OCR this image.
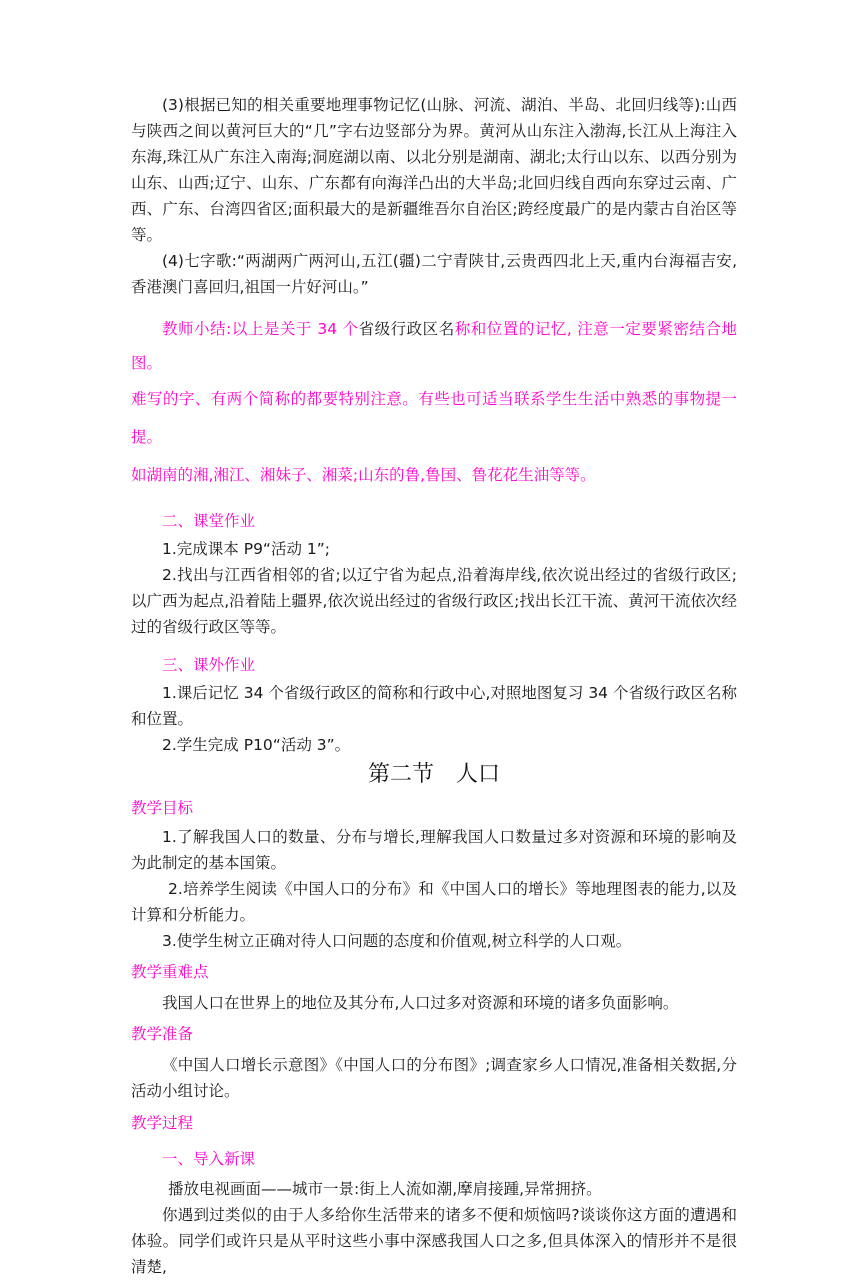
(3)根据已知的相关重要地理事物记忆(山脉、河流、湖泊、半岛、北回归线等):山西与陕西之间以黄河巨大的“几”字右边竖部分为界。黄河从山东注入渤海,长江从上海注入东海,珠江从广东注入南海;洞庭湖以南、以北分别是湖南、湖北;太行山以东、以西分别为山东、山西;辽宁、山东、广东都有向海洋凸出的大半岛;北回归线自西向东穿过云南、广西、广东、台湾四省区;面积最大的是新疆维吾尔自治区;跨经度最广的是内蒙古自治区等等。

(4)七字歌:“两湖两广两河山,五江(疆)二宁青陕甘,云贵西四北上天,重内台海福吉安,香港澳门喜回归,祖国一片好河山。”

教师小结:以上是关于 34 个省级行政区名称和位置的记忆, 注意一定要紧密结合地图。

难写的字、有两个简称的都要特别注意。有些也可适当联系学生生活中熟悉的事物提一提。

如湖南的湘,湘江、湘妹子、湘菜;山东的鲁,鲁国、鲁花花生油等等。

二、课堂作业

1.完成课本 P9“活动 1”;

2.找出与江西省相邻的省;以辽宁省为起点,沿着海岸线,依次说出经过的省级行政区;以广西为起点,沿着陆上疆界,依次说出经过的省级行政区;找出长江干流、黄河干流依次经过的省级行政区等等。

三、课外作业

1.课后记忆 34 个省级行政区的简称和行政中心,对照地图复习 34 个省级行政区名称和位置。

2.学生完成 P10“活动 3”。

第二节　人口

教学目标

1.了解我国人口的数量、分布与增长,理解我国人口数量过多对资源和环境的影响及为此制定的基本国策。

2.培养学生阅读《中国人口的分布》和《中国人口的增长》等地理图表的能力,以及计算和分析能力。

3.使学生树立正确对待人口问题的态度和价值观,树立科学的人口观。

教学重难点

我国人口在世界上的地位及其分布,人口过多对资源和环境的诸多负面影响。

教学准备

《中国人口增长示意图》《中国人口的分布图》;调查家乡人口情况,准备相关数据,分活动小组讨论。

教学过程

一、导入新课

播放电视画面——城市一景:街上人流如潮,摩肩接踵,异常拥挤。

你遇到过类似的由于人多给你生活带来的诸多不便和烦恼吗?谈谈你这方面的遭遇和体验。同学们或许只是从平时这些小事中深感我国人口之多,但具体深入的情形并不是很清楚,
